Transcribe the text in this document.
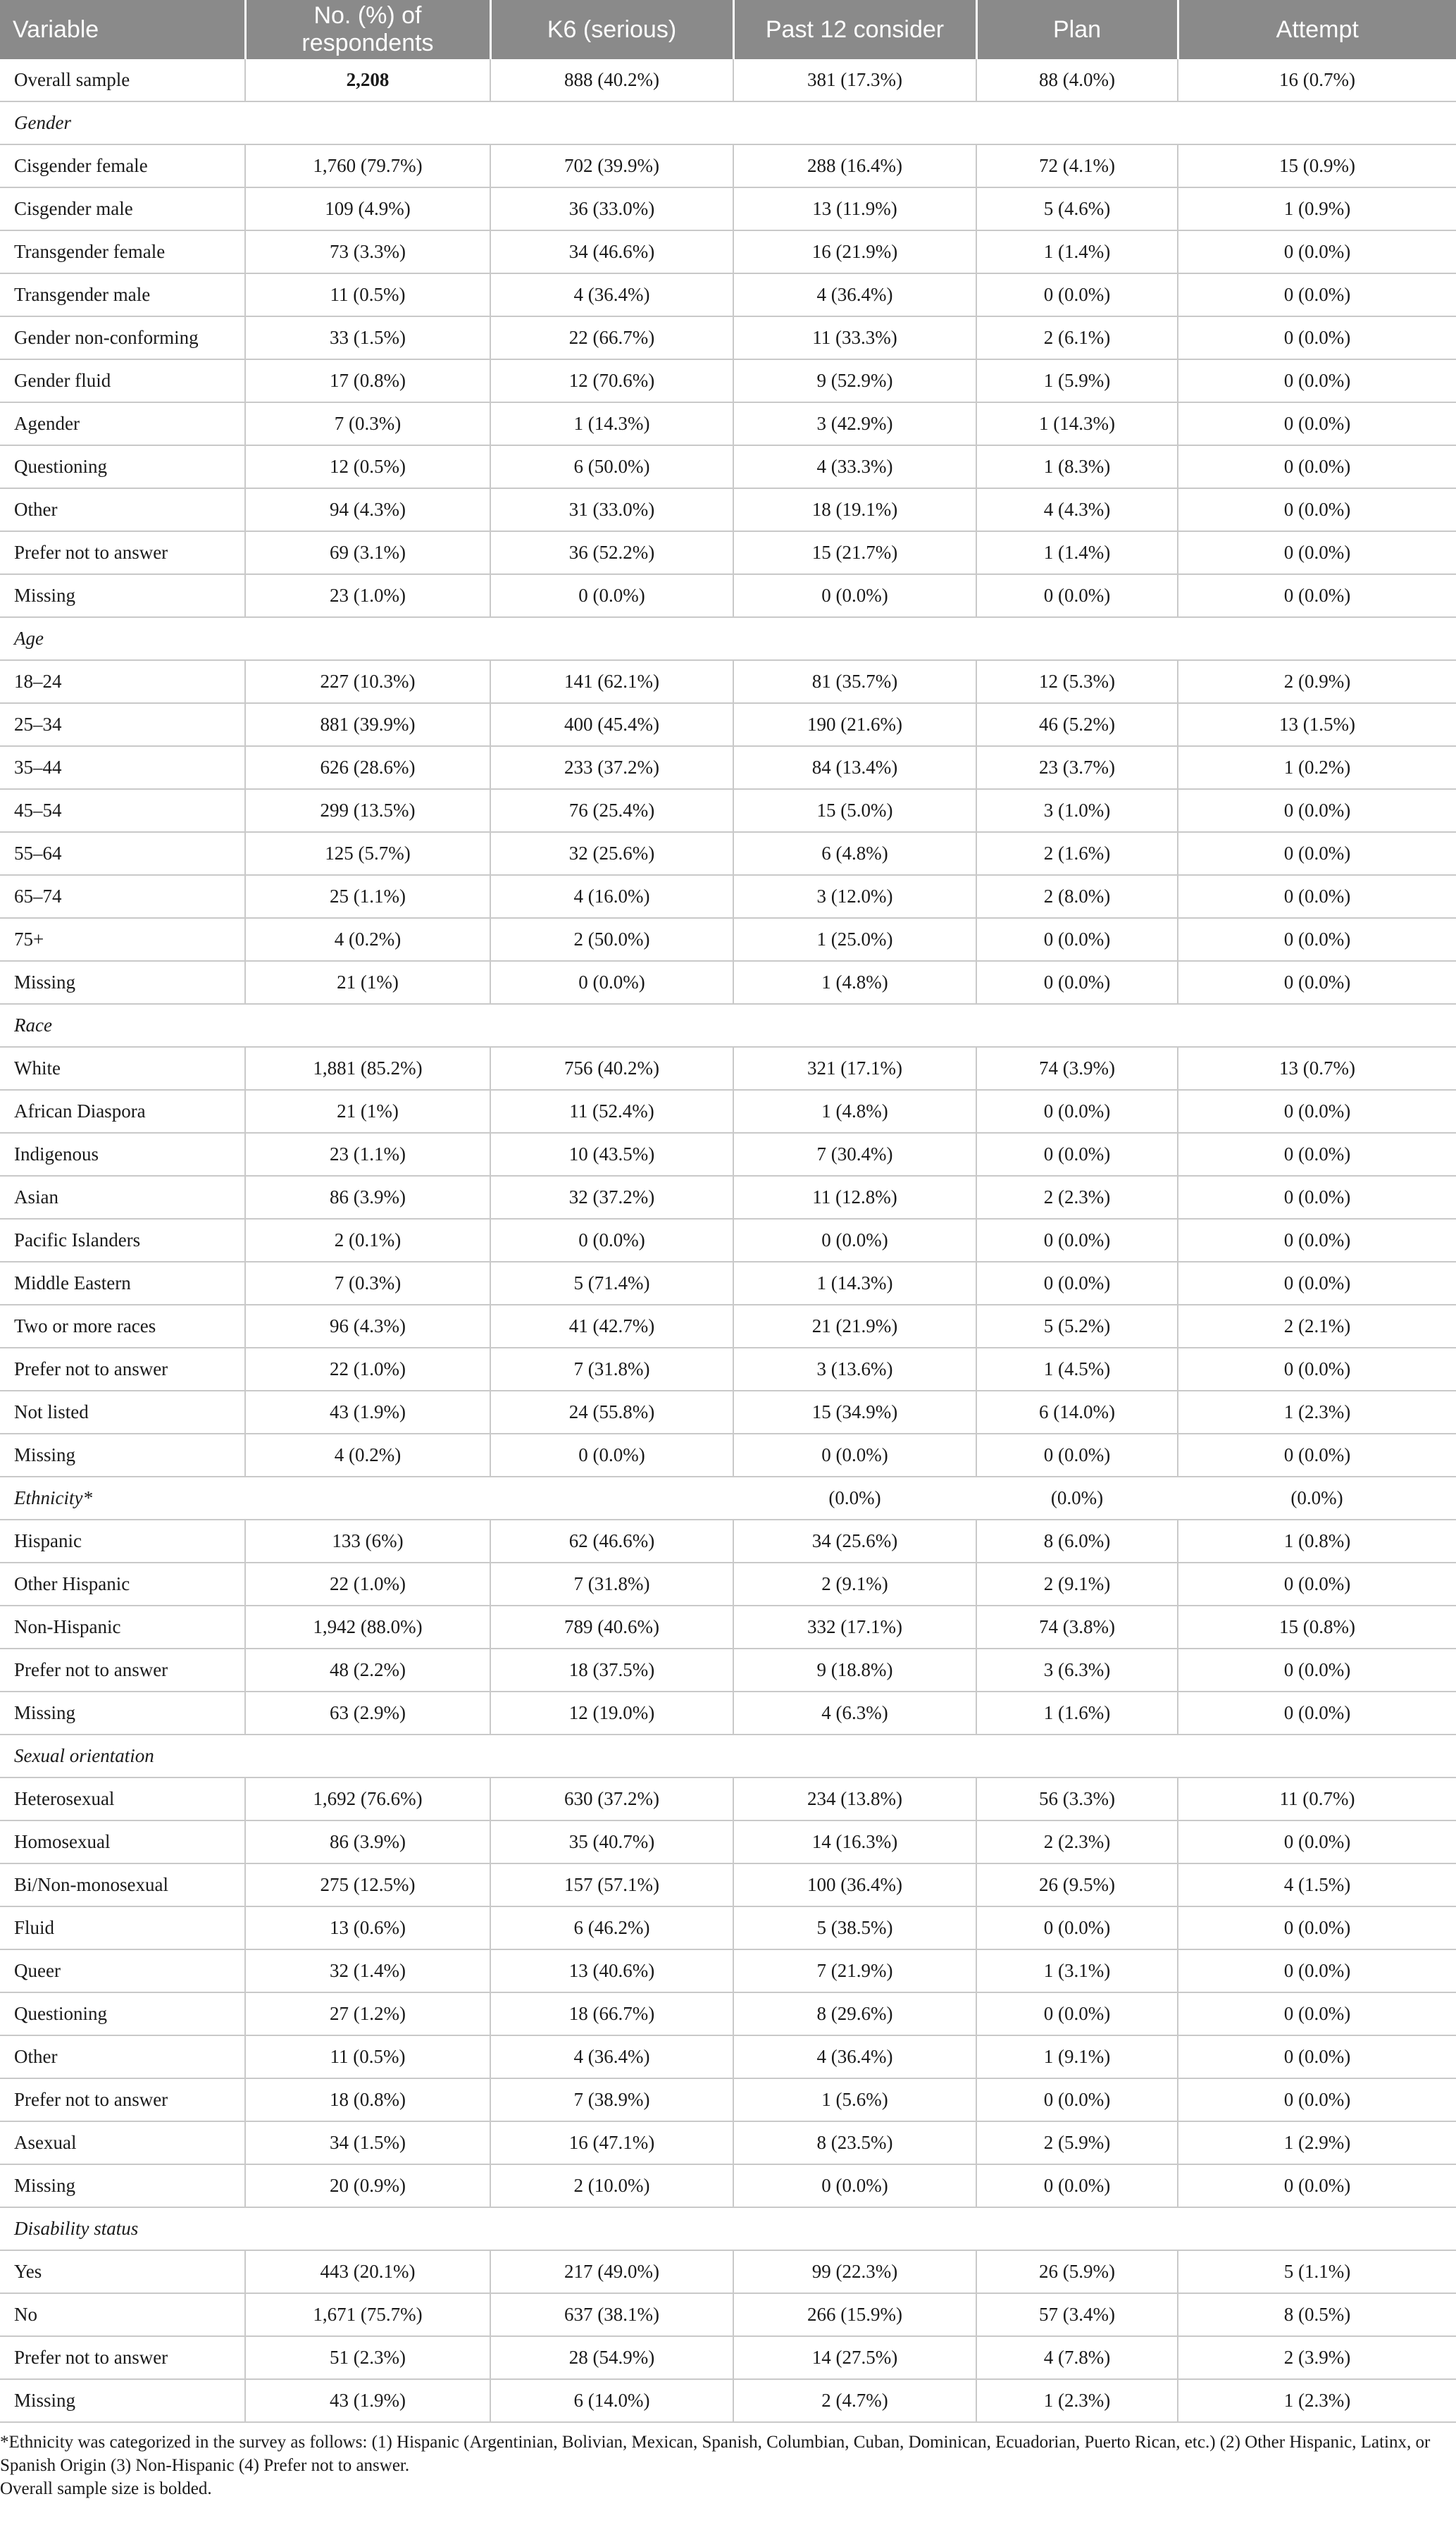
Variable	No. (%) of respondents	K6 (serious)	Past 12 consider	Plan	Attempt
Overall sample	2,208	888 (40.2%)	381 (17.3%)	88 (4.0%)	16 (0.7%)
Gender					
Cisgender female	1,760 (79.7%)	702 (39.9%)	288 (16.4%)	72 (4.1%)	15 (0.9%)
Cisgender male	109 (4.9%)	36 (33.0%)	13 (11.9%)	5 (4.6%)	1 (0.9%)
Transgender female	73 (3.3%)	34 (46.6%)	16 (21.9%)	1 (1.4%)	0 (0.0%)
Transgender male	11 (0.5%)	4 (36.4%)	4 (36.4%)	0 (0.0%)	0 (0.0%)
Gender non-conforming	33 (1.5%)	22 (66.7%)	11 (33.3%)	2 (6.1%)	0 (0.0%)
Gender fluid	17 (0.8%)	12 (70.6%)	9 (52.9%)	1 (5.9%)	0 (0.0%)
Agender	7 (0.3%)	1 (14.3%)	3 (42.9%)	1 (14.3%)	0 (0.0%)
Questioning	12 (0.5%)	6 (50.0%)	4 (33.3%)	1 (8.3%)	0 (0.0%)
Other	94 (4.3%)	31 (33.0%)	18 (19.1%)	4 (4.3%)	0 (0.0%)
Prefer not to answer	69 (3.1%)	36 (52.2%)	15 (21.7%)	1 (1.4%)	0 (0.0%)
Missing	23 (1.0%)	0 (0.0%)	0 (0.0%)	0 (0.0%)	0 (0.0%)
Age					
18–24	227 (10.3%)	141 (62.1%)	81 (35.7%)	12 (5.3%)	2 (0.9%)
25–34	881 (39.9%)	400 (45.4%)	190 (21.6%)	46 (5.2%)	13 (1.5%)
35–44	626 (28.6%)	233 (37.2%)	84 (13.4%)	23 (3.7%)	1 (0.2%)
45–54	299 (13.5%)	76 (25.4%)	15 (5.0%)	3 (1.0%)	0 (0.0%)
55–64	125 (5.7%)	32 (25.6%)	6 (4.8%)	2 (1.6%)	0 (0.0%)
65–74	25 (1.1%)	4 (16.0%)	3 (12.0%)	2 (8.0%)	0 (0.0%)
75+	4 (0.2%)	2 (50.0%)	1 (25.0%)	0 (0.0%)	0 (0.0%)
Missing	21 (1%)	0 (0.0%)	1 (4.8%)	0 (0.0%)	0 (0.0%)
Race					
White	1,881 (85.2%)	756 (40.2%)	321 (17.1%)	74 (3.9%)	13 (0.7%)
African Diaspora	21 (1%)	11 (52.4%)	1 (4.8%)	0 (0.0%)	0 (0.0%)
Indigenous	23 (1.1%)	10 (43.5%)	7 (30.4%)	0 (0.0%)	0 (0.0%)
Asian	86 (3.9%)	32 (37.2%)	11 (12.8%)	2 (2.3%)	0 (0.0%)
Pacific Islanders	2 (0.1%)	0 (0.0%)	0 (0.0%)	0 (0.0%)	0 (0.0%)
Middle Eastern	7 (0.3%)	5 (71.4%)	1 (14.3%)	0 (0.0%)	0 (0.0%)
Two or more races	96 (4.3%)	41 (42.7%)	21 (21.9%)	5 (5.2%)	2 (2.1%)
Prefer not to answer	22 (1.0%)	7 (31.8%)	3 (13.6%)	1 (4.5%)	0 (0.0%)
Not listed	43 (1.9%)	24 (55.8%)	15 (34.9%)	6 (14.0%)	1 (2.3%)
Missing	4 (0.2%)	0 (0.0%)	0 (0.0%)	0 (0.0%)	0 (0.0%)
Ethnicity*			(0.0%)	(0.0%)	(0.0%)
Hispanic	133 (6%)	62 (46.6%)	34 (25.6%)	8 (6.0%)	1 (0.8%)
Other Hispanic	22 (1.0%)	7 (31.8%)	2 (9.1%)	2 (9.1%)	0 (0.0%)
Non-Hispanic	1,942 (88.0%)	789 (40.6%)	332 (17.1%)	74 (3.8%)	15 (0.8%)
Prefer not to answer	48 (2.2%)	18 (37.5%)	9 (18.8%)	3 (6.3%)	0 (0.0%)
Missing	63 (2.9%)	12 (19.0%)	4 (6.3%)	1 (1.6%)	0 (0.0%)
Sexual orientation					
Heterosexual	1,692 (76.6%)	630 (37.2%)	234 (13.8%)	56 (3.3%)	11 (0.7%)
Homosexual	86 (3.9%)	35 (40.7%)	14 (16.3%)	2 (2.3%)	0 (0.0%)
Bi/Non-monosexual	275 (12.5%)	157 (57.1%)	100 (36.4%)	26 (9.5%)	4 (1.5%)
Fluid	13 (0.6%)	6 (46.2%)	5 (38.5%)	0 (0.0%)	0 (0.0%)
Queer	32 (1.4%)	13 (40.6%)	7 (21.9%)	1 (3.1%)	0 (0.0%)
Questioning	27 (1.2%)	18 (66.7%)	8 (29.6%)	0 (0.0%)	0 (0.0%)
Other	11 (0.5%)	4 (36.4%)	4 (36.4%)	1 (9.1%)	0 (0.0%)
Prefer not to answer	18 (0.8%)	7 (38.9%)	1 (5.6%)	0 (0.0%)	0 (0.0%)
Asexual	34 (1.5%)	16 (47.1%)	8 (23.5%)	2 (5.9%)	1 (2.9%)
Missing	20 (0.9%)	2 (10.0%)	0 (0.0%)	0 (0.0%)	0 (0.0%)
Disability status					
Yes	443 (20.1%)	217 (49.0%)	99 (22.3%)	26 (5.9%)	5 (1.1%)
No	1,671 (75.7%)	637 (38.1%)	266 (15.9%)	57 (3.4%)	8 (0.5%)
Prefer not to answer	51 (2.3%)	28 (54.9%)	14 (27.5%)	4 (7.8%)	2 (3.9%)
Missing	43 (1.9%)	6 (14.0%)	2 (4.7%)	1 (2.3%)	1 (2.3%)

*Ethnicity was categorized in the survey as follows: (1) Hispanic (Argentinian, Bolivian, Mexican, Spanish, Columbian, Cuban, Dominican, Ecuadorian, Puerto Rican, etc.) (2) Other Hispanic, Latinx, or Spanish Origin (3) Non-Hispanic (4) Prefer not to answer.

Overall sample size is bolded.
